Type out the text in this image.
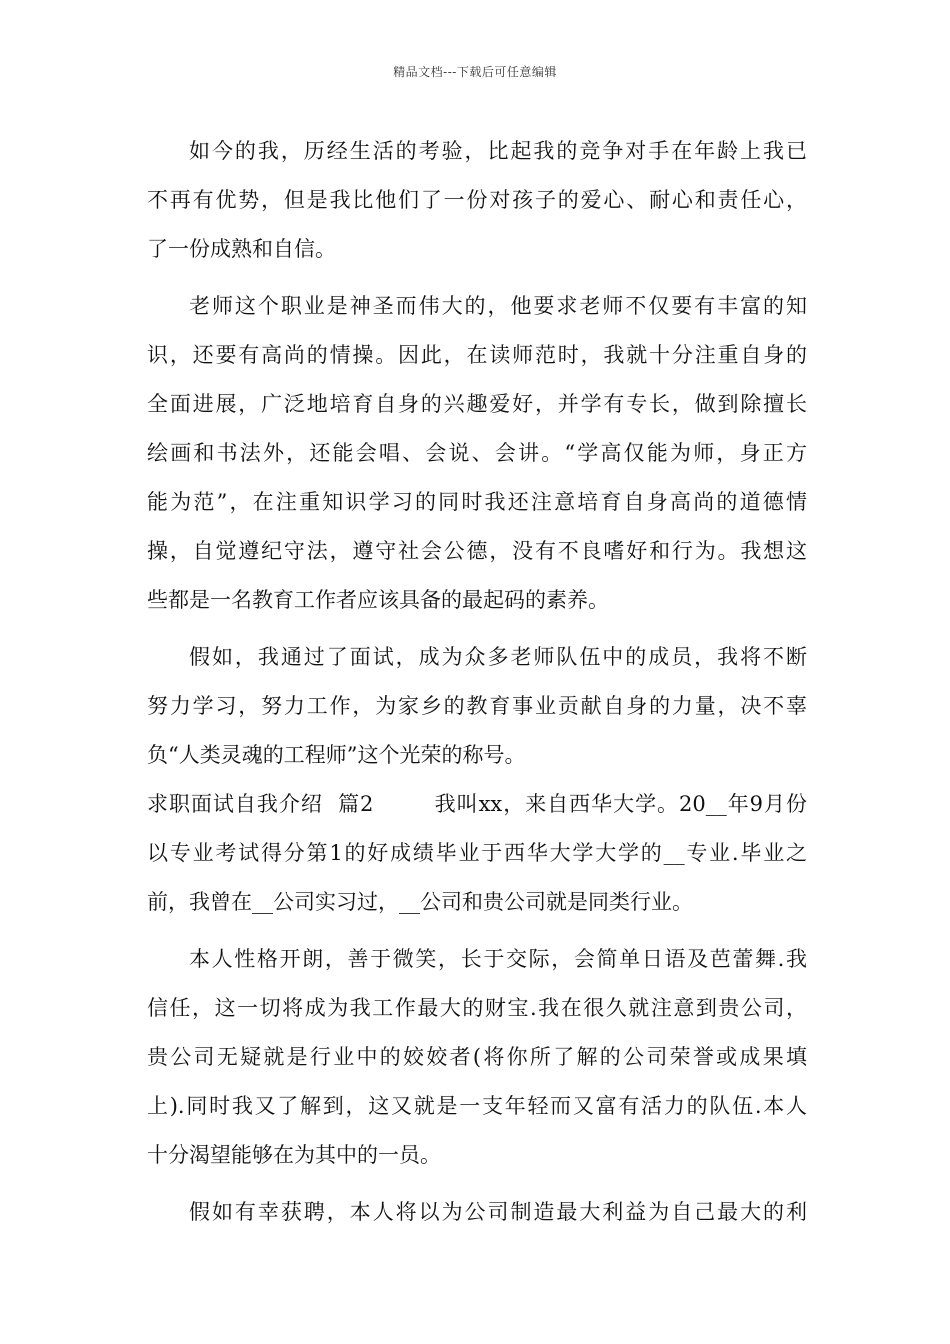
精品文档---下载后可任意编辑
如今的我，历经生活的考验，比起我的竞争对手在年龄上我已
不再有优势，但是我比他们了一份对孩子的爱心、耐心和责任心，
了一份成熟和自信。
老师这个职业是神圣而伟大的，他要求老师不仅要有丰富的知
识，还要有高尚的情操。因此，在读师范时，我就十分注重自身的
全面进展，广泛地培育自身的兴趣爱好，并学有专长，做到除擅长
绘画和书法外，还能会唱、会说、会讲。“学高仅能为师，身正方
能为范”，在注重知识学习的同时我还注意培育自身高尚的道德情
操，自觉遵纪守法，遵守社会公德，没有不良嗜好和行为。我想这
些都是一名教育工作者应该具备的最起码的素养。
假如，我通过了面试，成为众多老师队伍中的成员，我将不断
努力学习，努力工作，为家乡的教育事业贡献自身的力量，决不辜
负“人类灵魂的工程师”这个光荣的称号。
求职面试自我介绍  篇2        我叫xx，来自西华大学。20__年9月份
以专业考试得分第1的好成绩毕业于西华大学大学的__专业.毕业之
前，我曾在__公司实习过，__公司和贵公司就是同类行业。
本人性格开朗，善于微笑，长于交际，会简单日语及芭蕾舞.我
信任，这一切将成为我工作最大的财宝.我在很久就注意到贵公司，
贵公司无疑就是行业中的姣姣者(将你所了解的公司荣誉或成果填
上).同时我又了解到，这又就是一支年轻而又富有活力的队伍.本人
十分渴望能够在为其中的一员。
假如有幸获聘，本人将以为公司制造最大利益为自己最大的利
